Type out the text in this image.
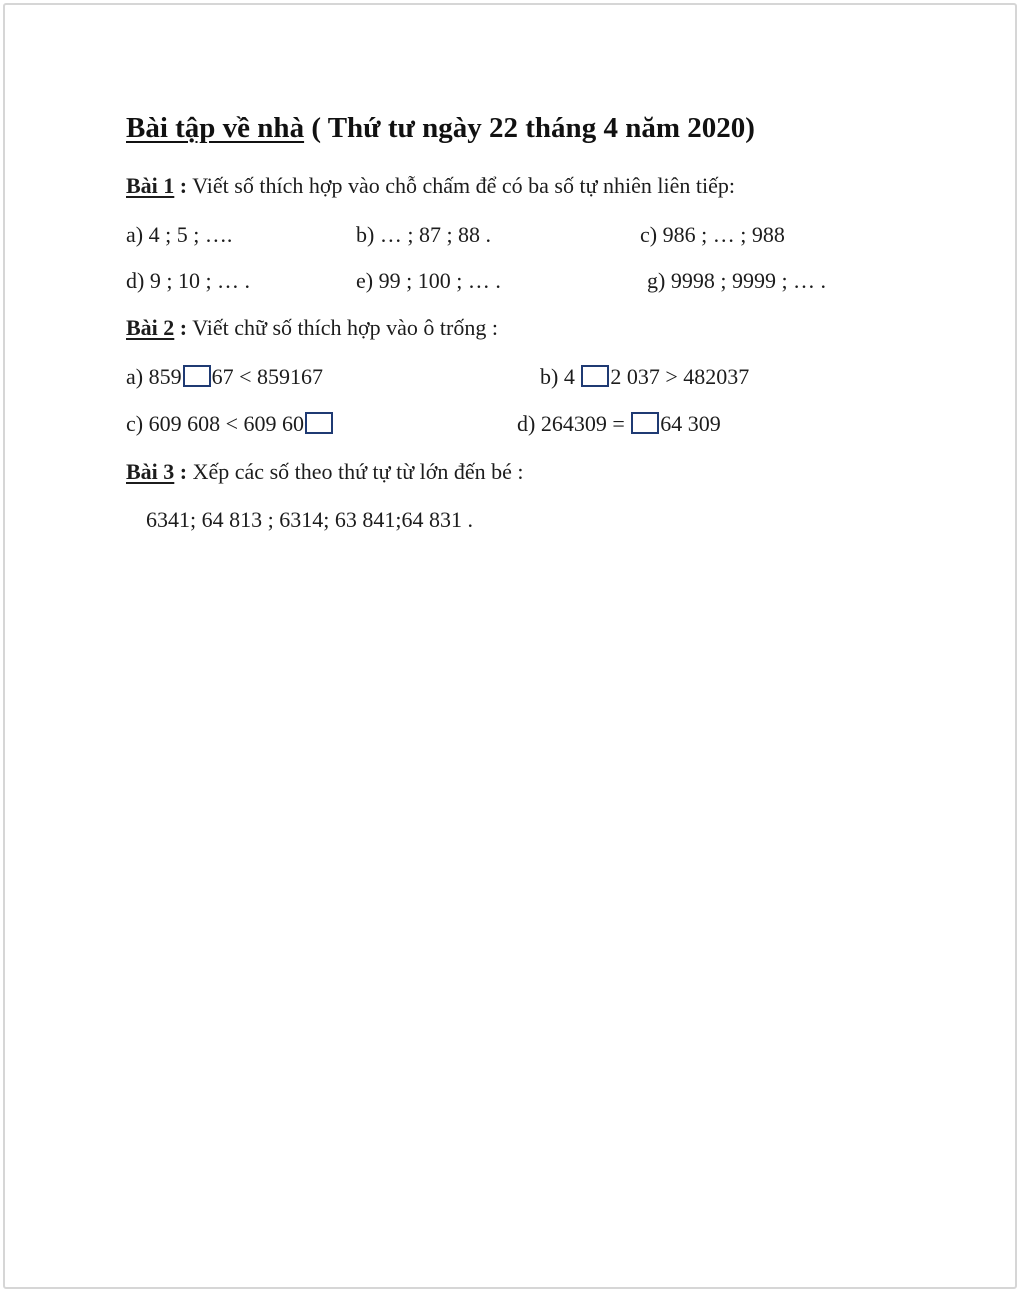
Bài tập về nhà ( Thứ tư ngày 22 tháng 4 năm 2020)
Bài 1 : Viết số thích hợp vào chỗ chấm để có ba số tự nhiên liên tiếp:
a) 4 ; 5 ; ….	b) … ; 87 ; 88 .	c) 986 ; … ; 988
d) 9 ; 10 ; … .	e) 99 ; 100 ; … .	g) 9998 ; 9999 ; … .
Bài 2 : Viết chữ số thích hợp vào ô trống :
a) 859 67 < 859167	b) 4 2 037 > 482037
c) 609 608 < 609 60	d) 264309 = 64 309
Bài 3 : Xếp các số theo thứ tự từ lớn đến bé :
6341; 64 813 ; 6314; 63 841;64 831 .
